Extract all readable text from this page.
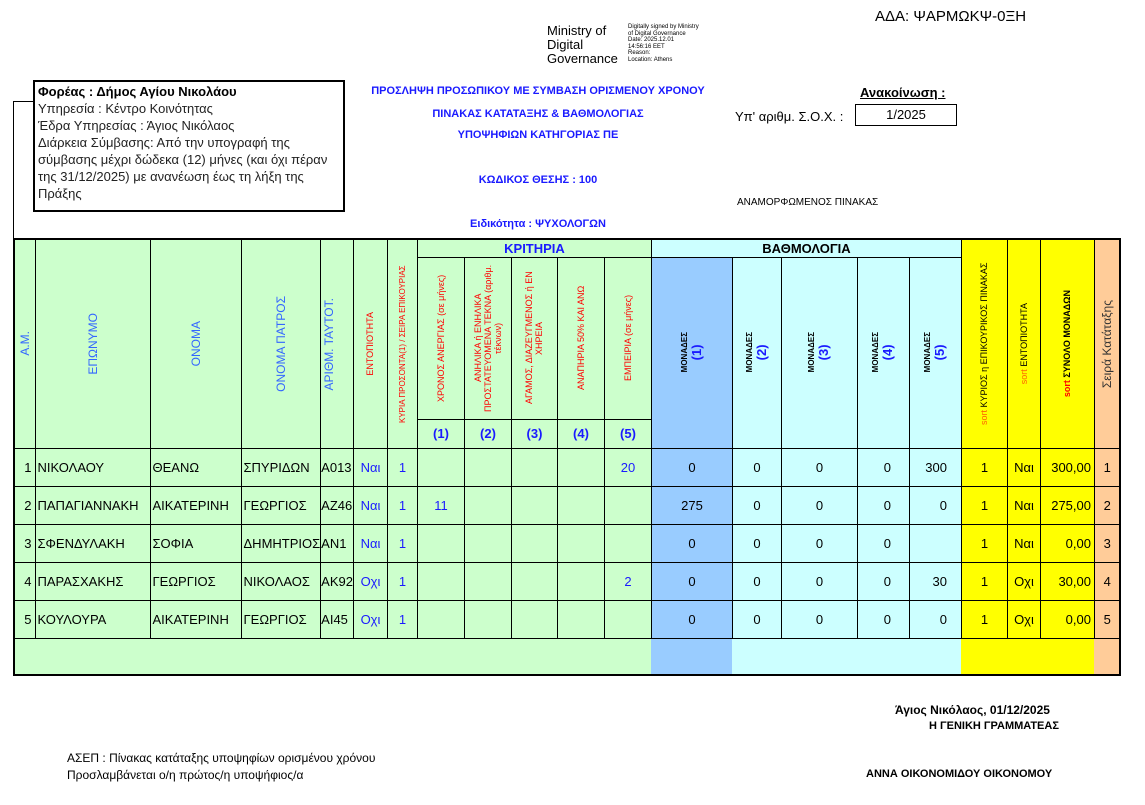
ΑΔΑ: ΨΑΡΜΩΚΨ-0ΞΗ
Ministry of Digital Governance
Digitally signed by Ministry
of Digital Governance
Date: 2025.12.01
14:56:16 EET
Reason:
Location: Athens
Φορέας : Δήμος Αγίου Νικολάου
Υπηρεσία : Κέντρο Κοινότητας
Έδρα Υπηρεσίας : Άγιος Νικόλαος
Διάρκεια Σύμβασης: Από την υπογραφή της σύμβασης μέχρι δώδεκα (12) μήνες (και όχι πέραν της 31/12/2025) με ανανέωση έως τη λήξη της Πράξης
ΠΡΟΣΛΗΨΗ ΠΡΟΣΩΠΙΚΟΥ ΜΕ ΣΥΜΒΑΣΗ ΟΡΙΣΜΕΝΟΥ ΧΡΟΝΟΥ
ΠΙΝΑΚΑΣ ΚΑΤΑΤΑΞΗΣ & ΒΑΘΜΟΛΟΓΙΑΣ
ΥΠΟΨΗΦΙΩΝ ΚΑΤΗΓΟΡΙΑΣ ΠΕ
ΚΩΔΙΚΟΣ ΘΕΣΗΣ : 100
Ειδικότητα : ΨΥΧΟΛΟΓΩΝ
Ανακοίνωση :
Υπ' αριθμ. Σ.Ο.Χ. :	1/2025
ΑΝΑΜΟΡΦΩΜΕΝΟΣ ΠΙΝΑΚΑΣ
Α.Μ.	ΕΠΩΝΥΜΟ	ΟΝΟΜΑ	ΟΝΟΜΑ ΠΑΤΡΟΣ	ΑΡΙΘΜ. ΤΑΥΤΟΤ.	ΕΝΤΟΠΙΟΤΗΤΑ	ΚΥΡΙΑ ΠΡΟΣΟΝΤΑ(1) / ΣΕΙΡΑ ΕΠΙΚΟΥΡΙΑΣ	ΚΡΙΤΗΡΙΑ					ΒΑΘΜΟΛΟΓΙΑ					sort ΚΥΡΙΟΣ η ΕΠΙΚΟΥΡΙΚΟΣ ΠΙΝΑΚΑΣ	sort ΕΝΤΟΠΙΟΤΗΤΑ	sort ΣΥΝΟΛΟ ΜΟΝΑΔΩΝ	Σειρά Κατάταξης

							ΧΡΟΝΟΣ ΑΝΕΡΓΙΑΣ (σε μήνες)	ΑΝΗΛΙΚΑ ή ΕΝΗΛΙΚΑ ΠΡΟΣΤΑΤΕΥΟΜΕΝΑ ΤΕΚΝΑ (αριθμ. τέκνων)	ΑΓΑΜΟΣ, ΔΙΑΖΕΥΓΜΕΝΟΣ ή ΕΝ ΧΗΡΕΙΑ	ΑΝΑΠΗΡΙΑ 50% ΚΑΙ ΑΝΩ	ΕΜΠΕΙΡΙΑ (σε μήνες)	ΜΟΝΑΔΕΣ
(1)	ΜΟΝΑΔΕΣ
(2)	ΜΟΝΑΔΕΣ
(3)	ΜΟΝΑΔΕΣ
(4)	ΜΟΝΑΔΕΣ
(5)				

							(1)	(2)	(3)	(4)	(5)									
1	ΝΙΚΟΛΑΟΥ	ΘΕΑΝΩ	ΣΠΥΡΙΔΩΝ	Α013	Ναι	1					20	0	0	0	0	300	1	Ναι	300,00	1
2	ΠΑΠΑΓΙΑΝΝΑΚΗ	ΑΙΚΑΤΕΡΙΝΗ	ΓΕΩΡΓΙΟΣ	ΑΖ46	Ναι	1	11					275	0	0	0	0	1	Ναι	275,00	2
3	ΣΦΕΝΔΥΛΑΚΗ	ΣΟΦΙΑ	ΔΗΜΗΤΡΙΟΣ	ΑΝ1	Ναι	1						0	0	0	0		1	Ναι	0,00	3
4	ΠΑΡΑΣΧΑΚΗΣ	ΓΕΩΡΓΙΟΣ	ΝΙΚΟΛΑΟΣ	ΑΚ92	Οχι	1					2	0	0	0	0	30	1	Οχι	30,00	4
5	ΚΟΥΛΟΥΡΑ	ΑΙΚΑΤΕΡΙΝΗ	ΓΕΩΡΓΙΟΣ	ΑΙ45	Οχι	1						0	0	0	0	0	1	Οχι	0,00	5

Άγιος Νικόλαος, 01/12/2025
Η ΓΕΝΙΚΗ ΓΡΑΜΜΑΤΕΑΣ
ΑΝΝΑ ΟΙΚΟΝΟΜΙΔΟΥ ΟΙΚΟΝΟΜΟΥ
ΑΣΕΠ : Πίνακας κατάταξης υποψηφίων ορισμένου χρόνου
Προσλαμβάνεται ο/η πρώτος/η υποψήφιος/α
